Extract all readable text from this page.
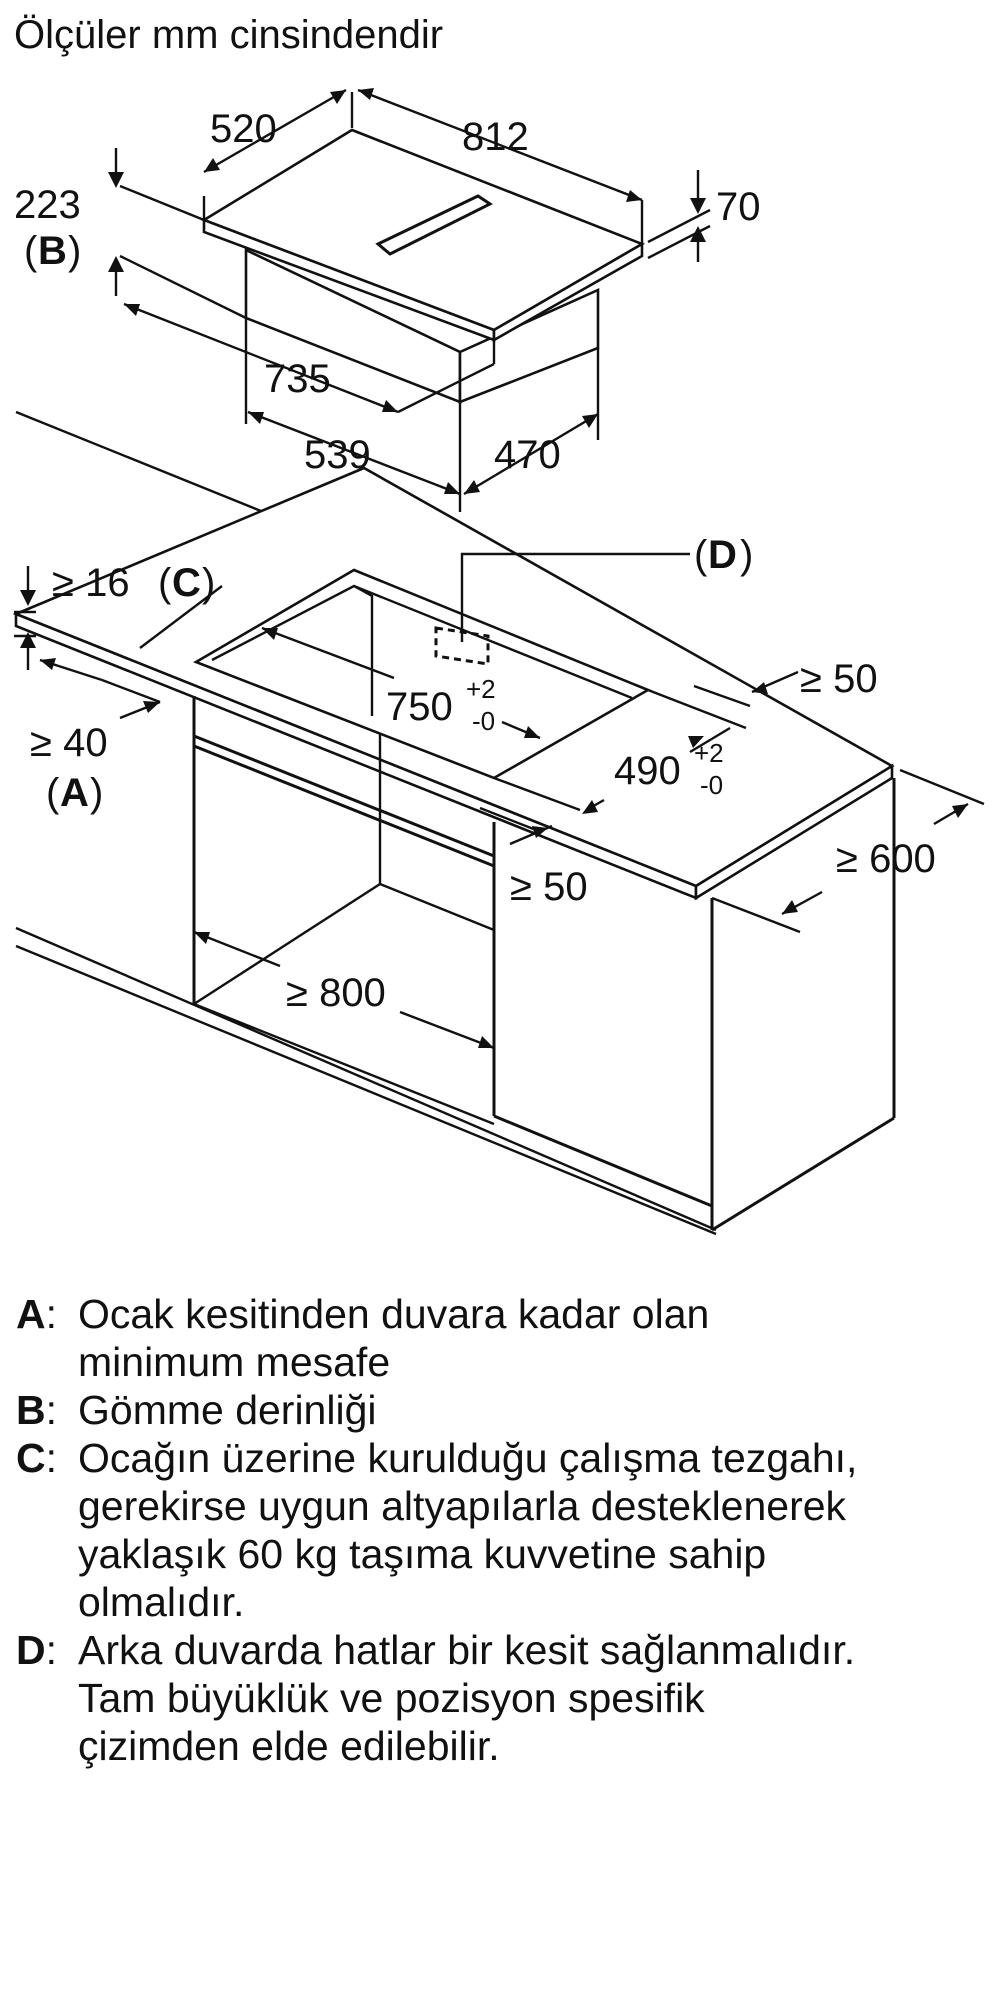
Ölçüler mm cinsindendir
520	812
70
223
( B )
735
539	470
≥ 16 ( C )
≥ 40
( A )
( D )
750 +2
-0
490 +2
-0
≥ 50
≥ 50
≥ 600
≥ 800
A: Ocak kesitinden duvara kadar olan
minimum mesafe
B: Gömme derinliği
C: Ocağın üzerine kurulduğu çalışma tezgahı,
gerekirse uygun altyapılarla desteklenerek
yaklaşık 60 kg taşıma kuvvetine sahip
olmalıdır.
D: Arka duvarda hatlar bir kesit sağlanmalıdır.
Tam büyüklük ve pozisyon spesifik
çizimden elde edilebilir.
